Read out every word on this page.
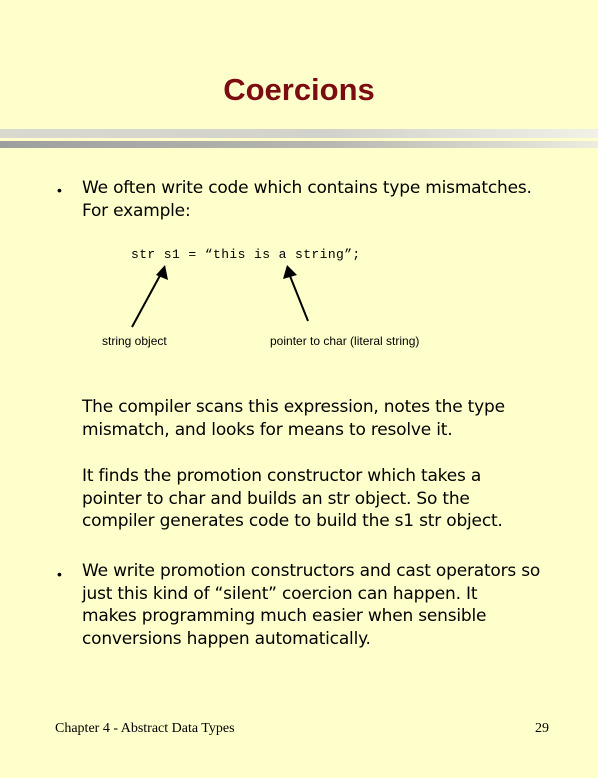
Coercions
• We often write code which contains type mismatches.
For example:

str s1 = “this is a string”;
string object	pointer to char (literal string)

The compiler scans this expression, notes the type
mismatch, and looks for means to resolve it.

It finds the promotion constructor which takes a
pointer to char and builds an str object. So the
compiler generates code to build the s1 str object.

• We write promotion constructors and cast operators so
just this kind of “silent” coercion can happen. It
makes programming much easier when sensible
conversions happen automatically.

Chapter 4 - Abstract Data Types	29
